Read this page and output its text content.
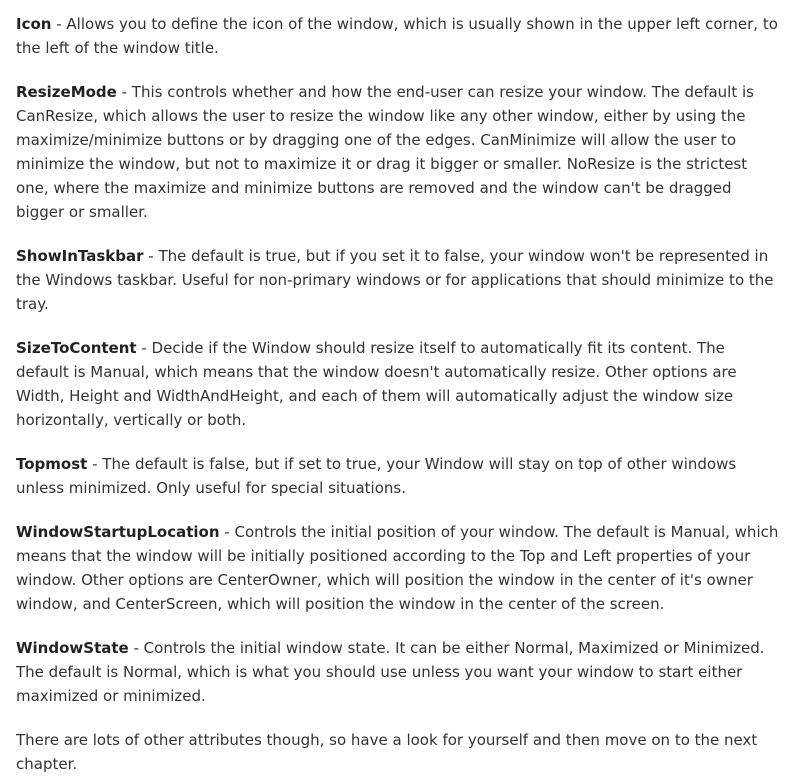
Icon - Allows you to define the icon of the window, which is usually shown in the upper left corner, to the left of the window title.

ResizeMode - This controls whether and how the end-user can resize your window. The default is CanResize, which allows the user to resize the window like any other window, either by using the maximize/minimize buttons or by dragging one of the edges. CanMinimize will allow the user to minimize the window, but not to maximize it or drag it bigger or smaller. NoResize is the strictest one, where the maximize and minimize buttons are removed and the window can't be dragged bigger or smaller.

ShowInTaskbar - The default is true, but if you set it to false, your window won't be represented in the Windows taskbar. Useful for non-primary windows or for applications that should minimize to the tray.

SizeToContent - Decide if the Window should resize itself to automatically fit its content. The default is Manual, which means that the window doesn't automatically resize. Other options are Width, Height and WidthAndHeight, and each of them will automatically adjust the window size horizontally, vertically or both.

Topmost - The default is false, but if set to true, your Window will stay on top of other windows unless minimized. Only useful for special situations.

WindowStartupLocation - Controls the initial position of your window. The default is Manual, which means that the window will be initially positioned according to the Top and Left properties of your window. Other options are CenterOwner, which will position the window in the center of it's owner window, and CenterScreen, which will position the window in the center of the screen.

WindowState - Controls the initial window state. It can be either Normal, Maximized or Minimized. The default is Normal, which is what you should use unless you want your window to start either maximized or minimized.

There are lots of other attributes though, so have a look for yourself and then move on to the next chapter.
